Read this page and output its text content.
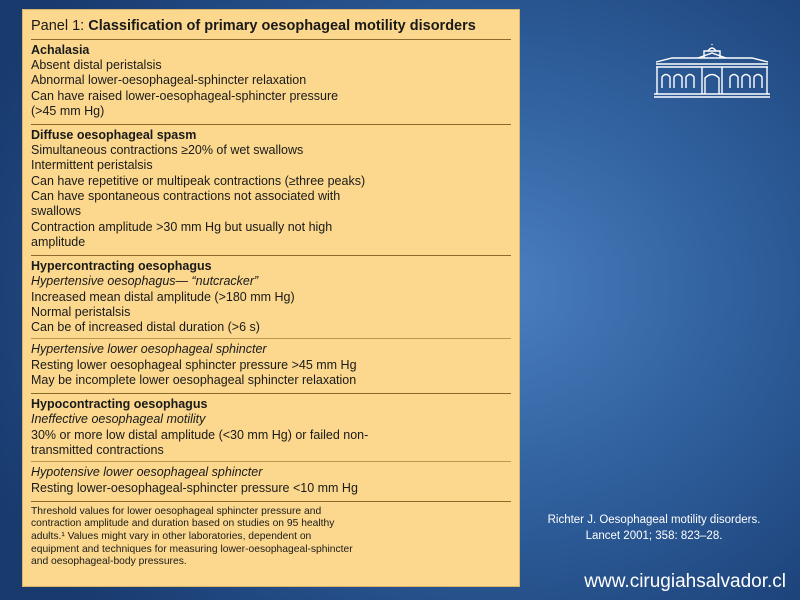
Panel 1: Classification of primary oesophageal motility disorders
Achalasia
Absent distal peristalsis
Abnormal lower-oesophageal-sphincter relaxation
Can have raised lower-oesophageal-sphincter pressure
(>45 mm Hg)
Diffuse oesophageal spasm
Simultaneous contractions ≥20% of wet swallows
Intermittent peristalsis
Can have repetitive or multipeak contractions (≥three peaks)
Can have spontaneous contractions not associated with
swallows
Contraction amplitude >30 mm Hg but usually not high
amplitude
Hypercontracting oesophagus
Hypertensive oesophagus— “nutcracker”
Increased mean distal amplitude (>180 mm Hg)
Normal peristalsis
Can be of increased distal duration (>6 s)
Hypertensive lower oesophageal sphincter
Resting lower oesophageal sphincter pressure >45 mm Hg
May be incomplete lower oesophageal sphincter relaxation
Hypocontracting oesophagus
Ineffective oesophageal motility
30% or more low distal amplitude (<30 mm Hg) or failed non-
transmitted contractions
Hypotensive lower oesophageal sphincter
Resting lower-oesophageal-sphincter pressure <10 mm Hg
Threshold values for lower oesophageal sphincter pressure and
contraction amplitude and duration based on studies on 95 healthy
adults.¹ Values might vary in other laboratories, dependent on
equipment and techniques for measuring lower-oesophageal-sphincter
and oesophageal-body pressures.
Richter J. Oesophageal motility disorders.
Lancet 2001; 358: 823–28.
www.cirugiahsalvador.cl
